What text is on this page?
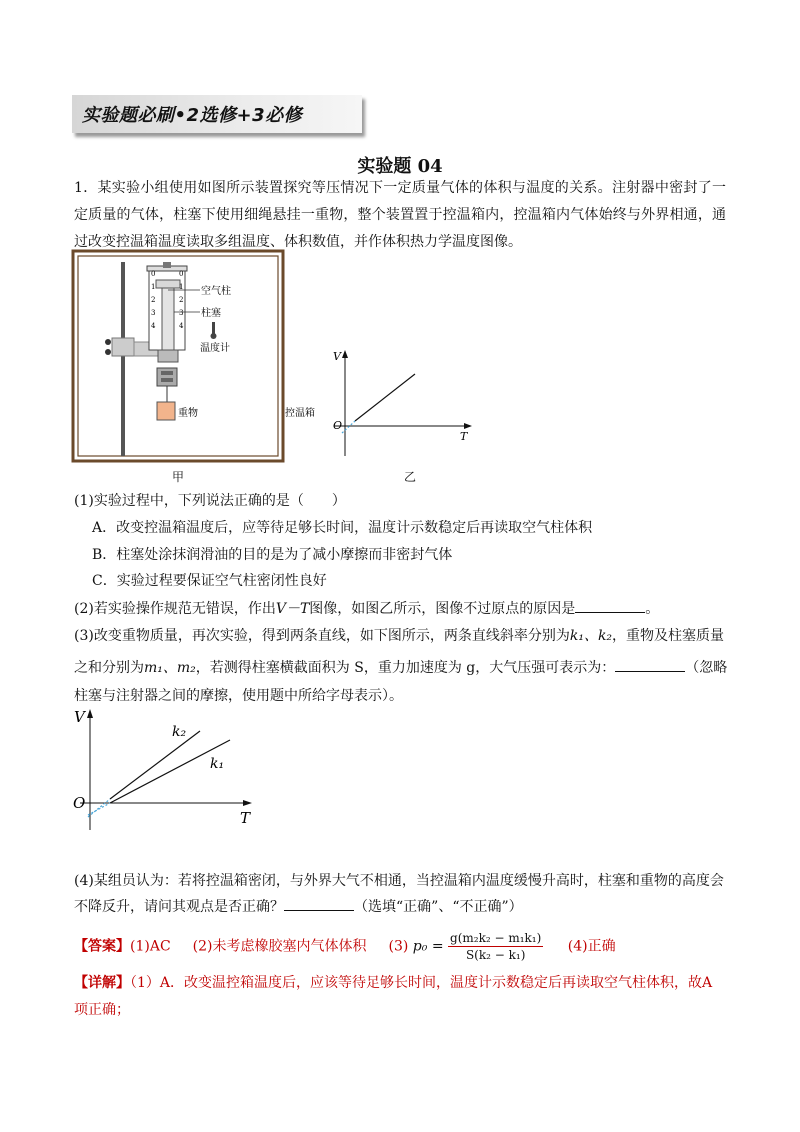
实验题必刷•2选修+3必修
实验题 04
1．某实验小组使用如图所示装置探究等压情况下一定质量气体的体积与温度的关系。注射器中密封了一定质量的气体，柱塞下使用细绳悬挂一重物，整个装置置于控温箱内，控温箱内气体始终与外界相通，通过改变控温箱温度读取多组温度、体积数值，并作体积热力学温度图像。
0
1
2
3
4
0
1
2
3
4
空气柱
柱塞
温度计
重物	控温箱
甲
V
O
T
乙
(1)实验过程中，下列说法正确的是（　　）
A．改变控温箱温度后，应等待足够长时间，温度计示数稳定后再读取空气柱体积
B．柱塞处涂抹润滑油的目的是为了减小摩擦而非密封气体
C．实验过程要保证空气柱密闭性良好
(2)若实验操作规范无错误，作出V－T图像，如图乙所示，图像不过原点的原因是	。
(3)改变重物质量，再次实验，得到两条直线，如下图所示，两条直线斜率分别为k₁、k₂，重物及柱塞质量
之和分别为m₁、m₂，若测得柱塞横截面积为 S，重力加速度为 g，大气压强可表示为：	（忽略
柱塞与注射器之间的摩擦，使用题中所给字母表示）。
V
O
T
k₂
k₁
(4)某组员认为：若将控温箱密闭，与外界大气不相通，当控温箱内温度缓慢升高时，柱塞和重物的高度会
不降反升，请问其观点是否正确？	（选填“正确”、“不正确”）
【答案】(1)AC (2)未考虑橡胶塞内气体体积 (3) $p_0 = \frac{\text{g(m₂k₂ − m₁k₁)}}{\text{S(k₂ − k₁)}} (4)$正确
【详解】（1）A．改变温控箱温度后，应该等待足够长时间，温度计示数稳定后再读取空气柱体积，故A
项正确；
